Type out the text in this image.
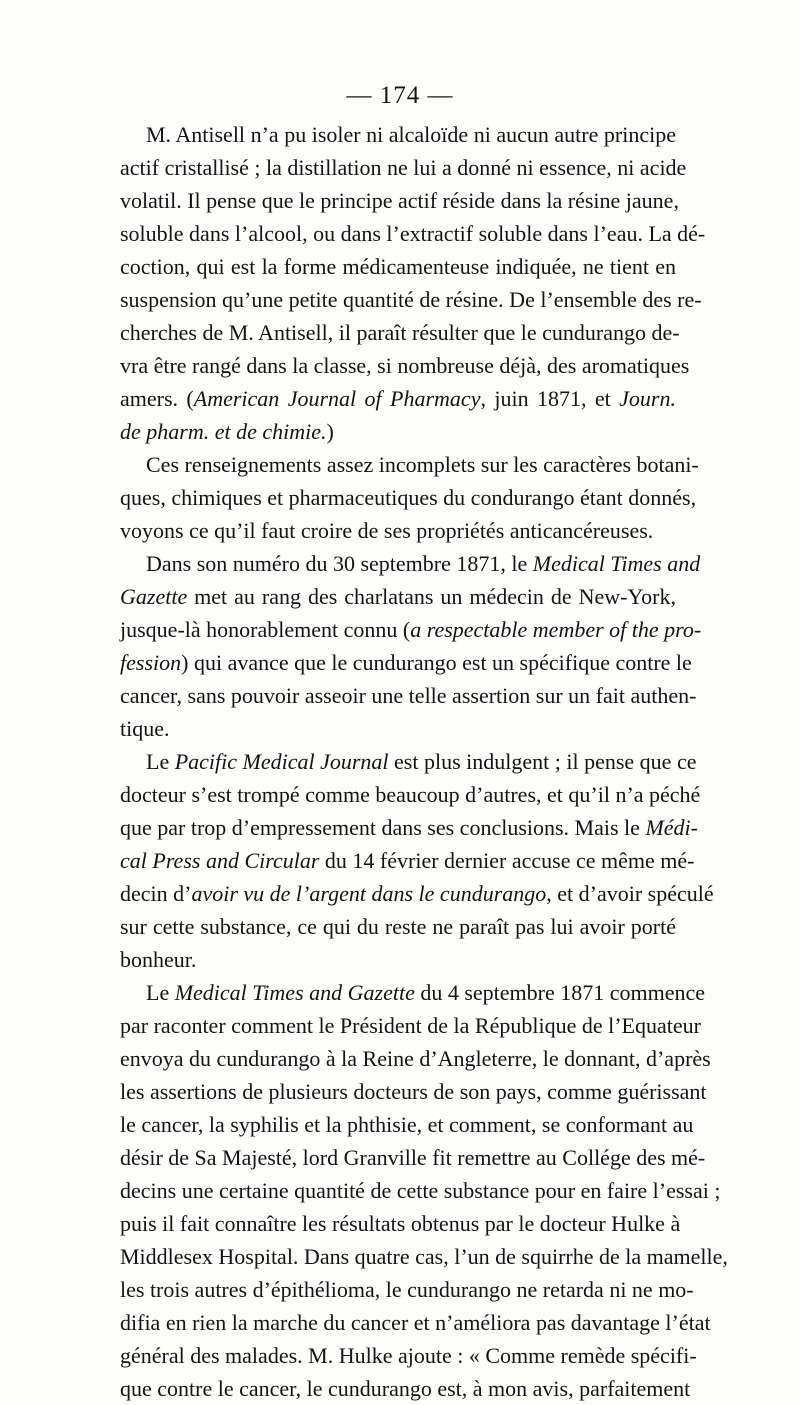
— 174 —
M. Antisell n’a pu isoler ni alcaloïde ni aucun autre principe
actif cristallisé ; la distillation ne lui a donné ni essence, ni acide
volatil. Il pense que le principe actif réside dans la résine jaune,
soluble dans l’alcool, ou dans l’extractif soluble dans l’eau. La dé-
coction, qui est la forme médicamenteuse indiquée, ne tient en
suspension qu’une petite quantité de résine. De l’ensemble des re-
cherches de M. Antisell, il paraît résulter que le cundurango de-
vra être rangé dans la classe, si nombreuse déjà, des aromatiques
amers. (American Journal of Pharmacy, juin 1871, et Journ.
de pharm. et de chimie.)
Ces renseignements assez incomplets sur les caractères botani-
ques, chimiques et pharmaceutiques du condurango étant donnés,
voyons ce qu’il faut croire de ses propriétés anticancéreuses.
Dans son numéro du 30 septembre 1871, le Medical Times and
Gazette met au rang des charlatans un médecin de New-York,
jusque-là honorablement connu (a respectable member of the pro-
fession) qui avance que le cundurango est un spécifique contre le
cancer, sans pouvoir asseoir une telle assertion sur un fait authen-
tique.
Le Pacific Medical Journal est plus indulgent ; il pense que ce
docteur s’est trompé comme beaucoup d’autres, et qu’il n’a péché
que par trop d’empressement dans ses conclusions. Mais le Médi-
cal Press and Circular du 14 février dernier accuse ce même mé-
decin d’avoir vu de l’argent dans le cundurango, et d’avoir spéculé
sur cette substance, ce qui du reste ne paraît pas lui avoir porté
bonheur.
Le Medical Times and Gazette du 4 septembre 1871 commence
par raconter comment le Président de la République de l’Equateur
envoya du cundurango à la Reine d’Angleterre, le donnant, d’après
les assertions de plusieurs docteurs de son pays, comme guérissant
le cancer, la syphilis et la phthisie, et comment, se conformant au
désir de Sa Majesté, lord Granville fit remettre au Collége des mé-
decins une certaine quantité de cette substance pour en faire l’essai ;
puis il fait connaître les résultats obtenus par le docteur Hulke à
Middlesex Hospital. Dans quatre cas, l’un de squirrhe de la mamelle,
les trois autres d’épithélioma, le cundurango ne retarda ni ne mo-
difia en rien la marche du cancer et n’améliora pas davantage l’état
général des malades. M. Hulke ajoute : « Comme remède spécifi-
que contre le cancer, le cundurango est, à mon avis, parfaitement
